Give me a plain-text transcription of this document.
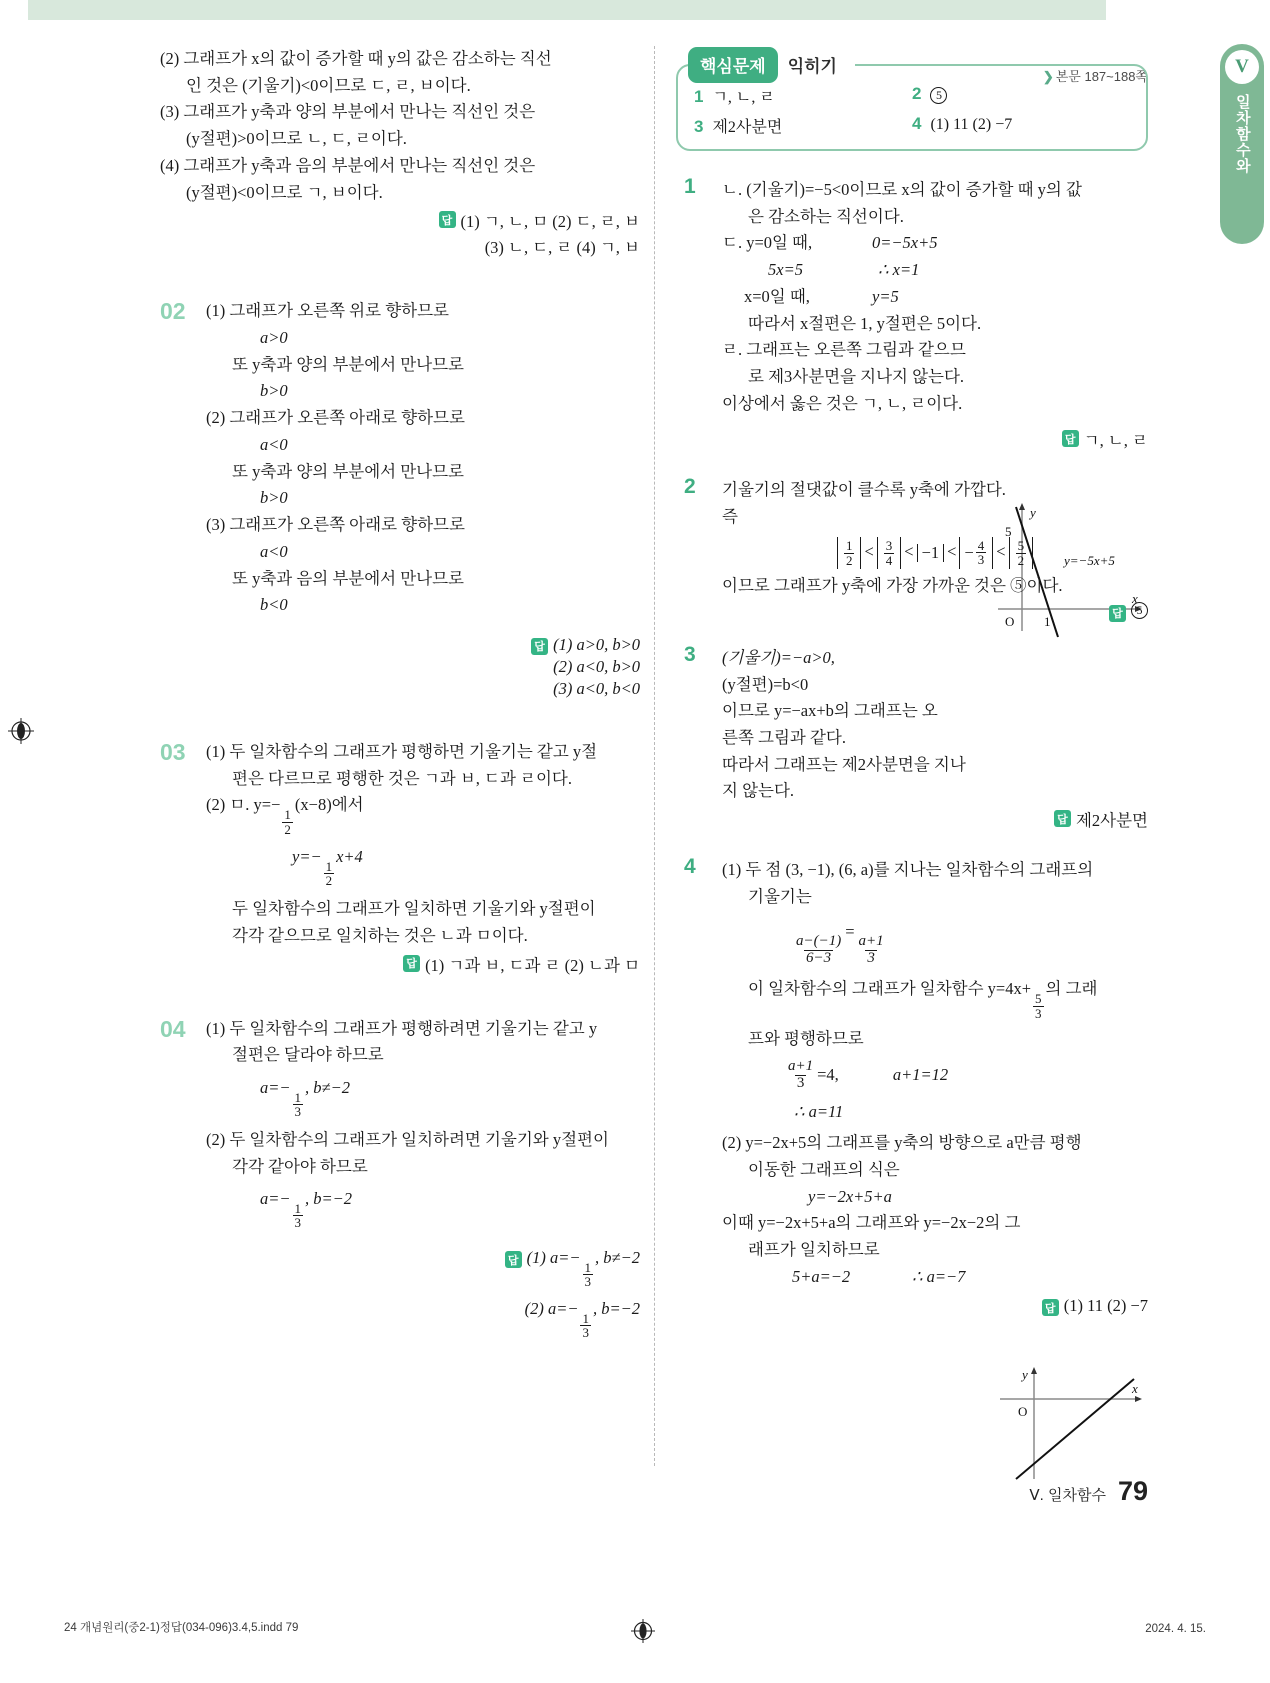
V
일차함수와
(2) 그래프가 x의 값이 증가할 때 y의 값은 감소하는 직선
인 것은 (기울기)<0이므로 ㄷ, ㄹ, ㅂ이다.
(3) 그래프가 y축과 양의 부분에서 만나는 직선인 것은
(y절편)>0이므로 ㄴ, ㄷ, ㄹ이다.
(4) 그래프가 y축과 음의 부분에서 만나는 직선인 것은
(y절편)<0이므로 ㄱ, ㅂ이다.
답 (1) ㄱ, ㄴ, ㅁ (2) ㄷ, ㄹ, ㅂ
(3) ㄴ, ㄷ, ㄹ (4) ㄱ, ㅂ
02 (1) 그래프가 오른쪽 위로 향하므로
a>0
또 y축과 양의 부분에서 만나므로
b>0
(2) 그래프가 오른쪽 아래로 향하므로
a<0
또 y축과 양의 부분에서 만나므로
b>0
(3) 그래프가 오른쪽 아래로 향하므로
a<0
또 y축과 음의 부분에서 만나므로
b<0
답 (1) a>0, b>0
(2) a<0, b>0
(3) a<0, b<0
03 (1) 두 일차함수의 그래프가 평행하면 기울기는 같고 y절
편은 다르므로 평행한 것은 ㄱ과 ㅂ, ㄷ과 ㄹ이다.
(2) ㅁ. y=−
$\frac{1}{2}$
(x−8)에서
y=−
$\frac{1}{2}$
x+4
두 일차함수의 그래프가 일치하면 기울기와 y절편이
각각 같으므로 일치하는 것은 ㄴ과 ㅁ이다.
답 (1) ㄱ과 ㅂ, ㄷ과 ㄹ (2) ㄴ과 ㅁ
04 (1) 두 일차함수의 그래프가 평행하려면 기울기는 같고 y
절편은 달라야 하므로
a=−
$\frac{1}{3}$
, b≠−2
(2) 두 일차함수의 그래프가 일치하려면 기울기와 y절편이
각각 같아야 하므로
a=−
$\frac{1}{3}$
, b=−2
답 (1) a=−
$\frac{1}{3}$
, b≠−2
(2) a=−
$\frac{1}{3}$
, b=−2
❯ 본문 187~188쪽
핵심문제	익히기
1 ㄱ, ㄴ, ㄹ	2	5
3 제2사분면	4 (1) 11 (2) −7
1 ㄴ. (기울기)=−5<0이므로 x의 값이 증가할 때 y의 값
은 감소하는 직선이다.
ㄷ. y=0일 때,	0=−5x+5
5x=5	∴ x=1
x=0일 때,	y=5
따라서 x절편은 1, y절편은 5이다.
ㄹ. 그래프는 오른쪽 그림과 같으므
로 제3사분면을 지나지 않는다.
이상에서 옳은 것은 ㄱ, ㄴ, ㄹ이다.
y
x
5
O 1
y=−5x+5
답 ㄱ, ㄴ, ㄹ
2 기울기의 절댓값이 클수록 y축에 가깝다.
즉
$\frac{1}{2} < \frac{3}{4} < -1$ < − $\frac{4}{3} < \frac{5}{2}$
이므로 그래프가 y축에 가장 가까운 것은 ⑤이다.
답	5
3 (기울기)=−a>0,
(y절편)=b<0
이므로 y=−ax+b의 그래프는 오
른쪽 그림과 같다.
따라서 그래프는 제2사분면을 지나
지 않는다.
y
x
O
답 제2사분면
4 (1) 두 점 (3, −1), (6, a)를 지나는 일차함수의 그래프의
기울기는
$\frac{a-(-1)}{6-3}$
=
$\frac{a+1}{3}$
이 일차함수의 그래프가 일차함수 y=4x+
$\frac{5}{3}$
의 그래
프와 평행하므로
$\frac{a+1}{3} =4$,	a+1=12
∴ a=11
(2) y=−2x+5의 그래프를 y축의 방향으로 a만큼 평행
이동한 그래프의 식은
y=−2x+5+a
이때 y=−2x+5+a의 그래프와 y=−2x−2의 그
래프가 일치하므로
5+a=−2	∴ a=−7
답 (1) 11 (2) −7
Ⅴ. 일차함수 79
24 개념원리(중2-1)정답(034-096)3.4,5.indd 79	2024. 4. 15.
